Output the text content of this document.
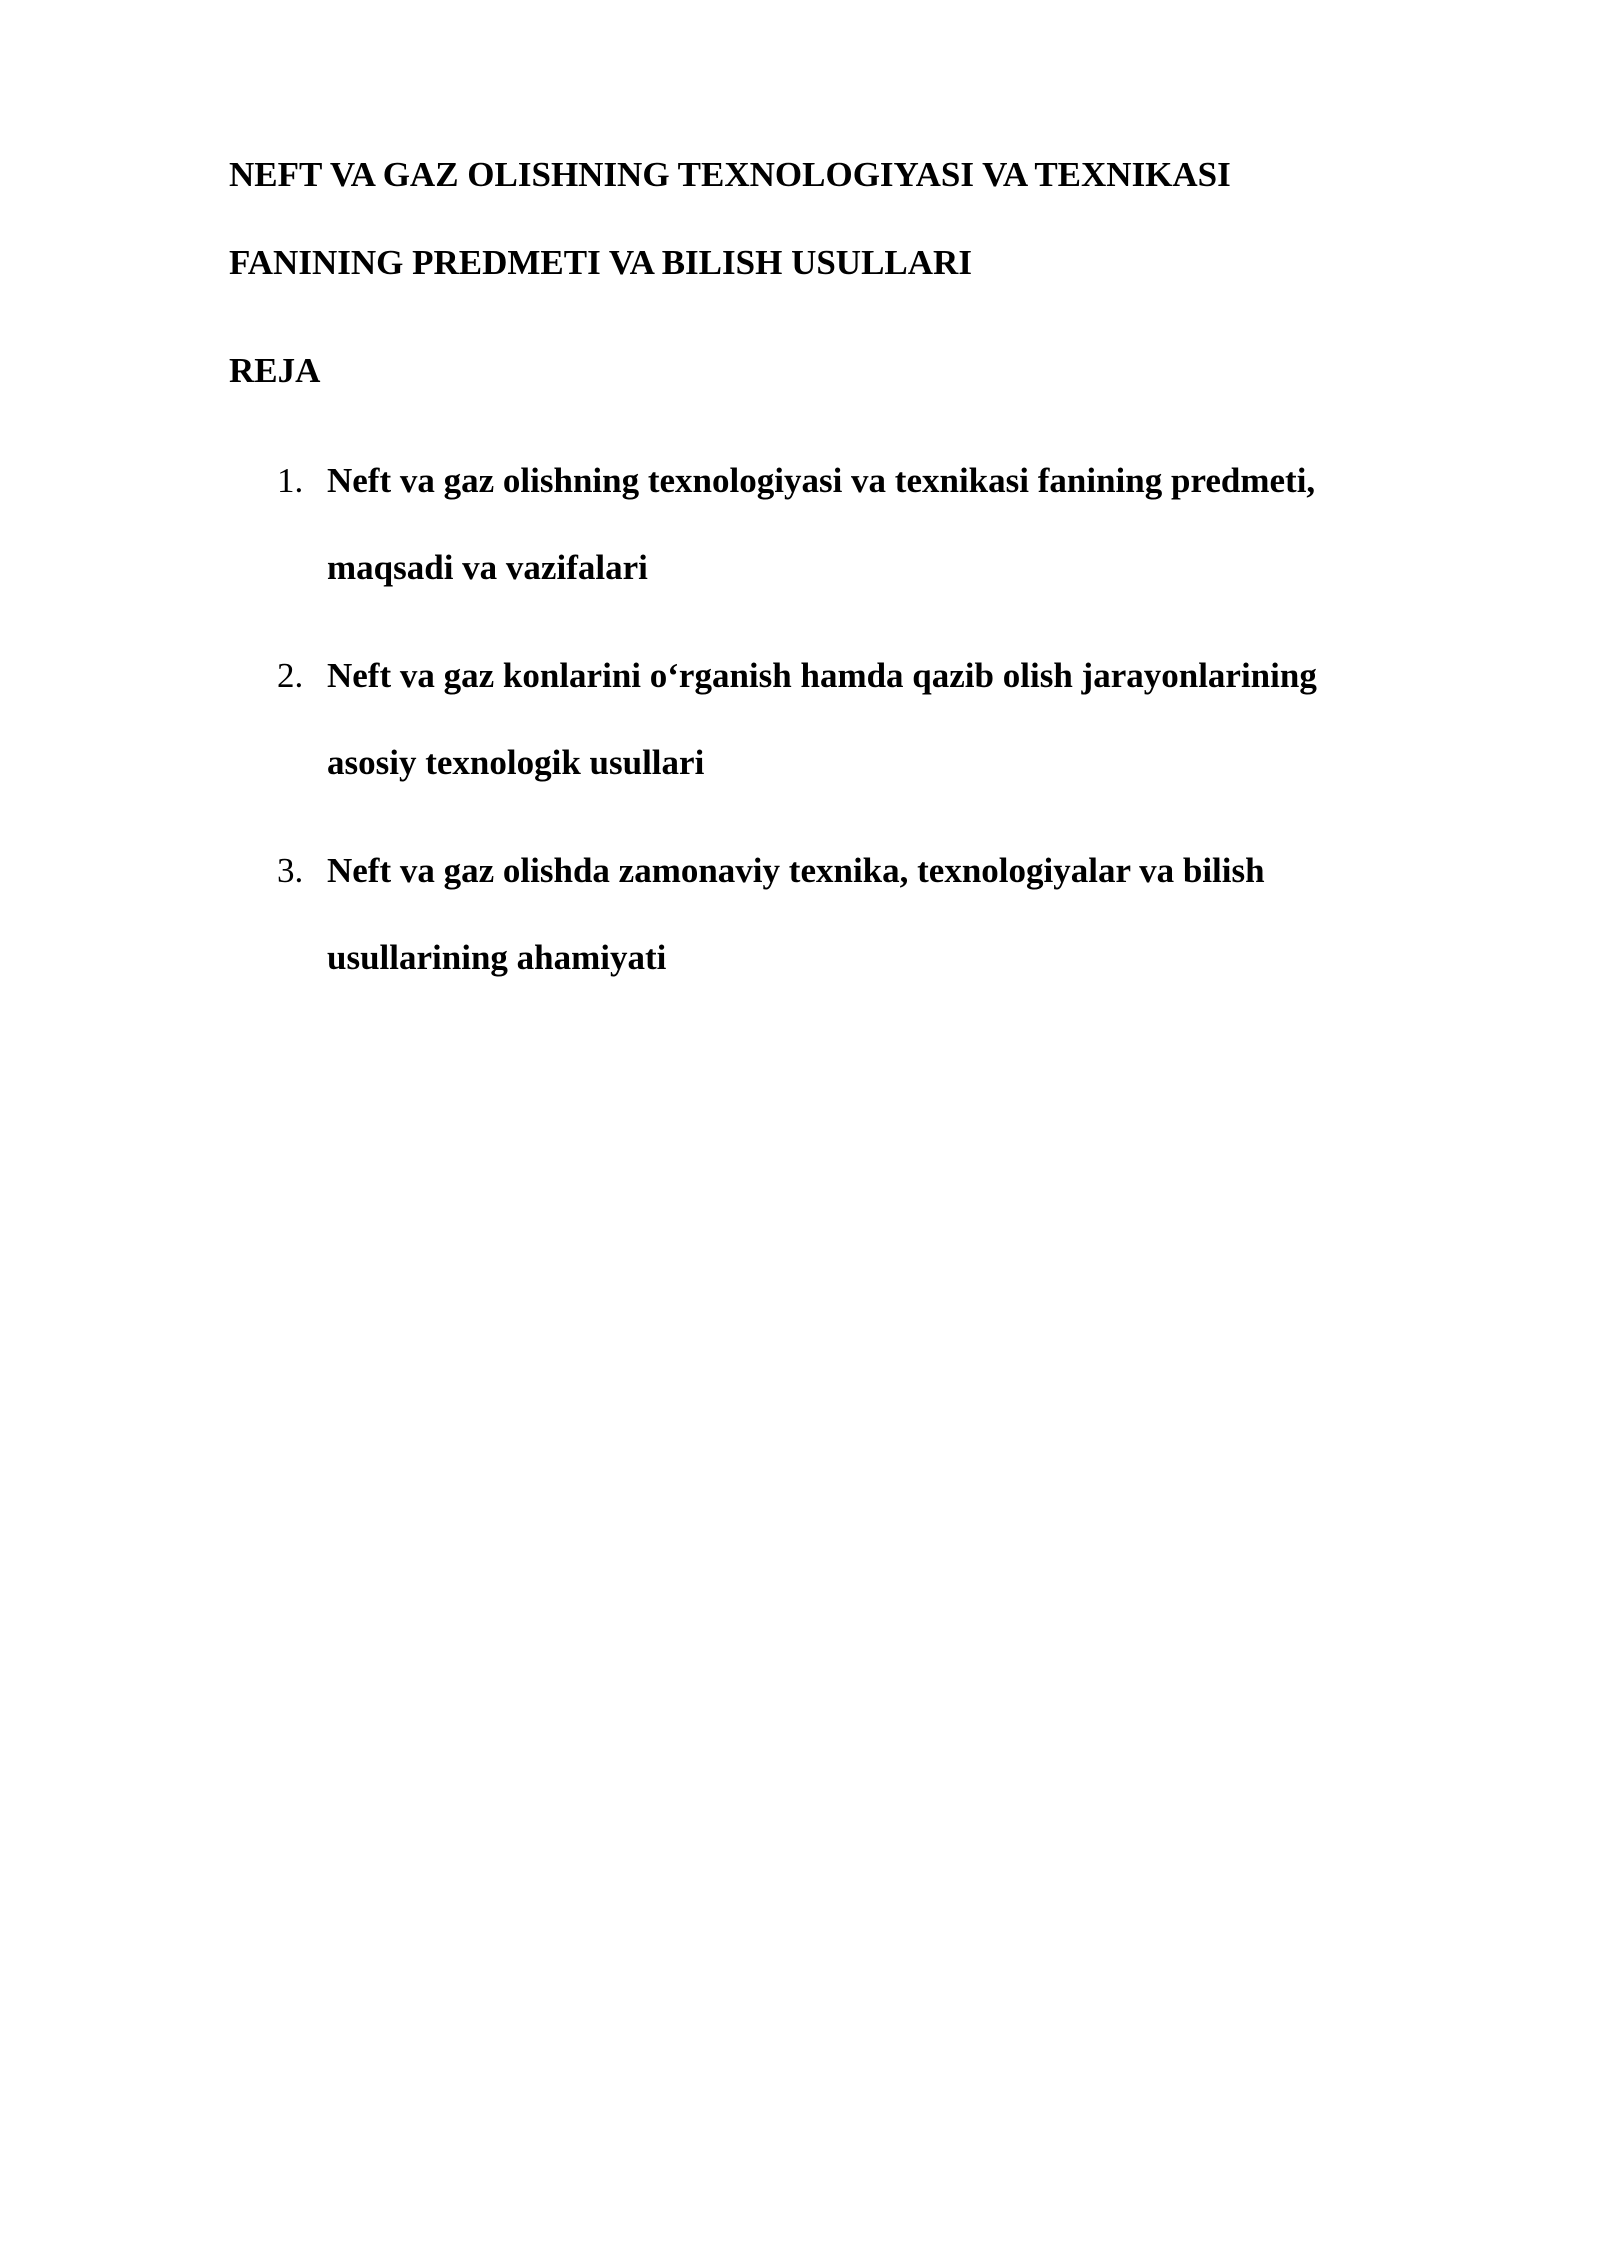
NEFT VA GAZ OLISHNING TEXNOLOGIYASI VA TEXNIKASI
FANINING PREDMETI VA BILISH USULLARI
REJA
1. Neft va gaz olishning texnologiyasi va texnikasi fanining predmeti,
maqsadi va vazifalari
2. Neft va gaz konlarini o‘rganish hamda qazib olish jarayonlarining
asosiy texnologik usullari
3. Neft va gaz olishda zamonaviy texnika, texnologiyalar va bilish
usullarining ahamiyati
